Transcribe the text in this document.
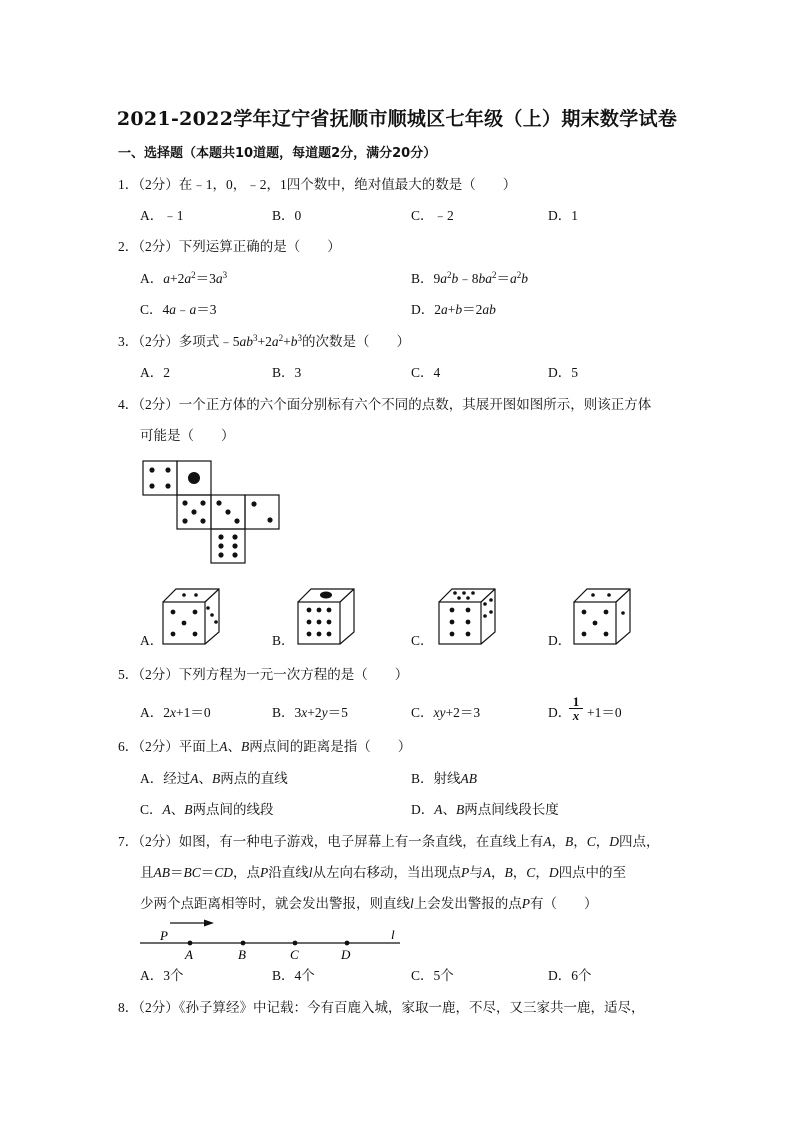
2021-2022学年辽宁省抚顺市顺城区七年级（上）期末数学试卷
一、选择题（本题共10道题，每道题2分，满分20分）
1．（2分）在﹣1，0，﹣2，1四个数中，绝对值最大的数是（　　）
A．﹣1	B．0	C．﹣2	D．1
2．（2分）下列运算正确的是（　　）
A．$a+2a^2=3a^3$	B．$9a^2b﹣8ba^2=a^2b$
C．4a﹣a＝3	D．2a+b＝2ab
3．（2分）多项式$﹣5ab^3+2a^2+b^3$的次数是（　　）
A．2	B．3	C．4	D．5
4．（2分）一个正方体的六个面分别标有六个不同的点数，其展开图如图所示，则该正方体
可能是（　　）
A．	B．	C．	D．
5．（2分）下列方程为一元一次方程的是（　　）
A．2x+1＝0	B．3x+2y＝5	C．xy+2＝3	D．
$\frac{1}{x} +1=0$
6．（2分）平面上A、B两点间的距离是指（　　）
A．经过A、B两点的直线	B．射线AB
C．A、B两点间的线段	D．A、B两点间线段长度
7．（2分）如图，有一种电子游戏，电子屏幕上有一条直线，在直线上有A，B，C，D四点，
且AB＝BC＝CD，点P沿直线l从左向右移动，当出现点P与A，B，C，D四点中的至
少两个点距离相等时，就会发出警报，则直线l上会发出警报的点P有（　　）
P	l
A	B	C	D
A．3个	B．4个	C．5个	D．6个
8．（2分）《孙子算经》中记载：今有百鹿入城，家取一鹿，不尽，又三家共一鹿，适尽，
